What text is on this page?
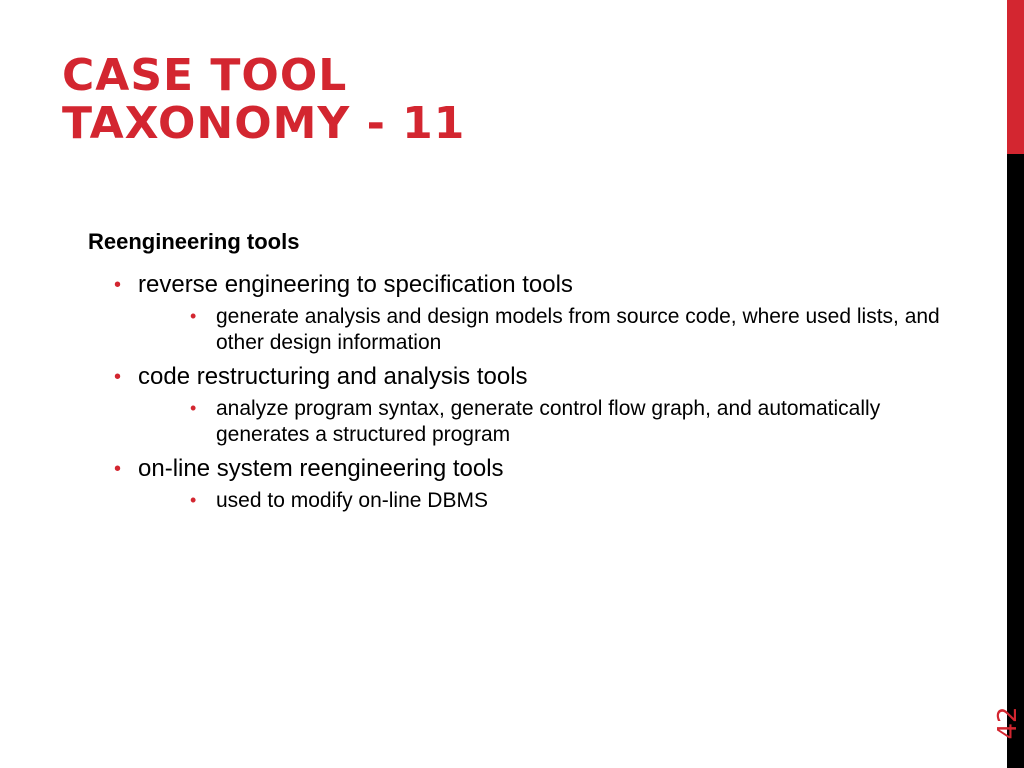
CASE TOOL
TAXONOMY - 11
Reengineering tools
• reverse engineering to specification tools
• generate analysis and design models from source code, where used lists, and other design information
• code restructuring and analysis tools
• analyze program syntax, generate control flow graph, and automatically generates a structured program
• on-line system reengineering tools
• used to modify on-line DBMS
42
